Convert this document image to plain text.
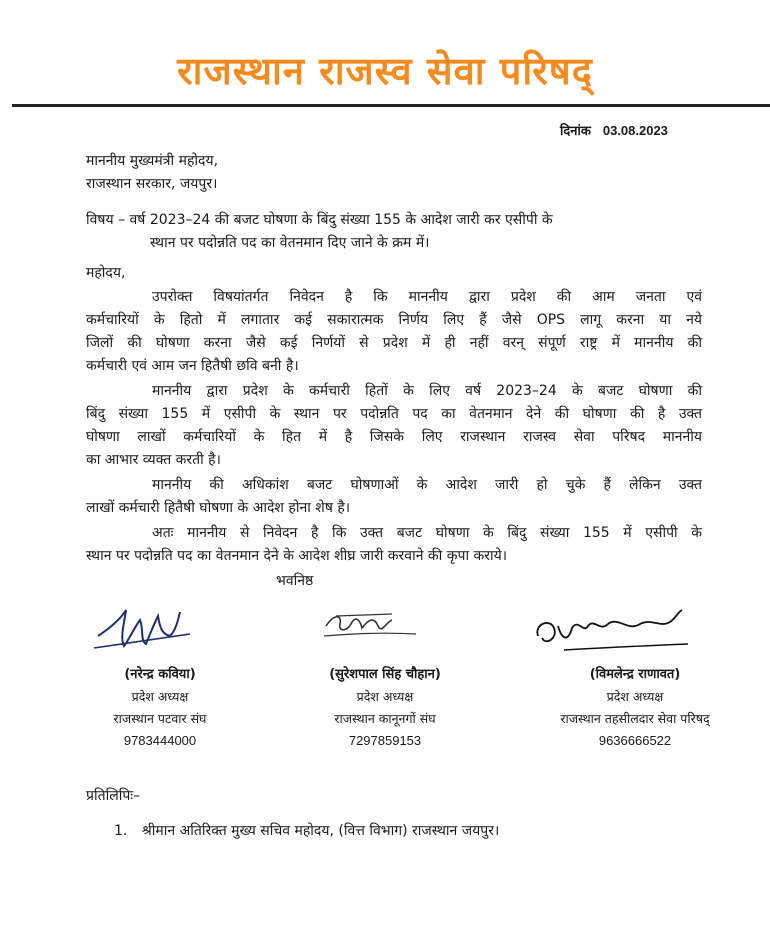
राजस्थान राजस्व सेवा परिषद्
दिनांक 03.08.2023
माननीय मुख्यमंत्री महोदय,
राजस्थान सरकार, जयपुर।
विषय – वर्ष 2023–24 की बजट घोषणा के बिंदु संख्या 155 के आदेश जारी कर एसीपी के
स्थान पर पदोन्नति पद का वेतनमान दिए जाने के क्रम में।
महोदय,
उपरोक्त विषयांतर्गत निवेदन है कि माननीय द्वारा प्रदेश की आम जनता एवं
कर्मचारियों के हितो में लगातार कई सकारात्मक निर्णय लिए हैं जैसे OPS लागू करना या नये
जिलों की घोषणा करना जैसे कई निर्णयों से प्रदेश में ही नहीं वरन् संपूर्ण राष्ट्र में माननीय की
कर्मचारी एवं आम जन हितैषी छवि बनी है।
माननीय द्वारा प्रदेश के कर्मचारी हितों के लिए वर्ष 2023–24 के बजट घोषणा की
बिंदु संख्या 155 में एसीपी के स्थान पर पदोन्नति पद का वेतनमान देने की घोषणा की है उक्त
घोषणा लाखों कर्मचारियों के हित में है जिसके लिए राजस्थान राजस्व सेवा परिषद माननीय
का आभार व्यक्त करती है।
माननीय की अधिकांश बजट घोषणाओं के आदेश जारी हो चुके हैं लेकिन उक्त
लाखों कर्मचारी हितैषी घोषणा के आदेश होना शेष है।
अतः माननीय से निवेदन है कि उक्त बजट घोषणा के बिंदु संख्या 155 में एसीपी के
स्थान पर पदोन्नति पद का वेतनमान देने के आदेश शीघ्र जारी करवाने की कृपा कराये।
भवनिष्ठ
(नरेन्द्र कविया)
प्रदेश अध्यक्ष
राजस्थान पटवार संघ
9783444000
(सुरेशपाल सिंह चौहान)
प्रदेश अध्यक्ष
राजस्थान कानूनगों संघ
7297859153
(विमलेन्द्र राणावत)
प्रदेश अध्यक्ष
राजस्थान तहसीलदार सेवा परिषद्
9636666522
प्रतिलिपिः–
1. श्रीमान अतिरिक्त मुख्य सचिव महोदय, (वित्त विभाग) राजस्थान जयपुर।
